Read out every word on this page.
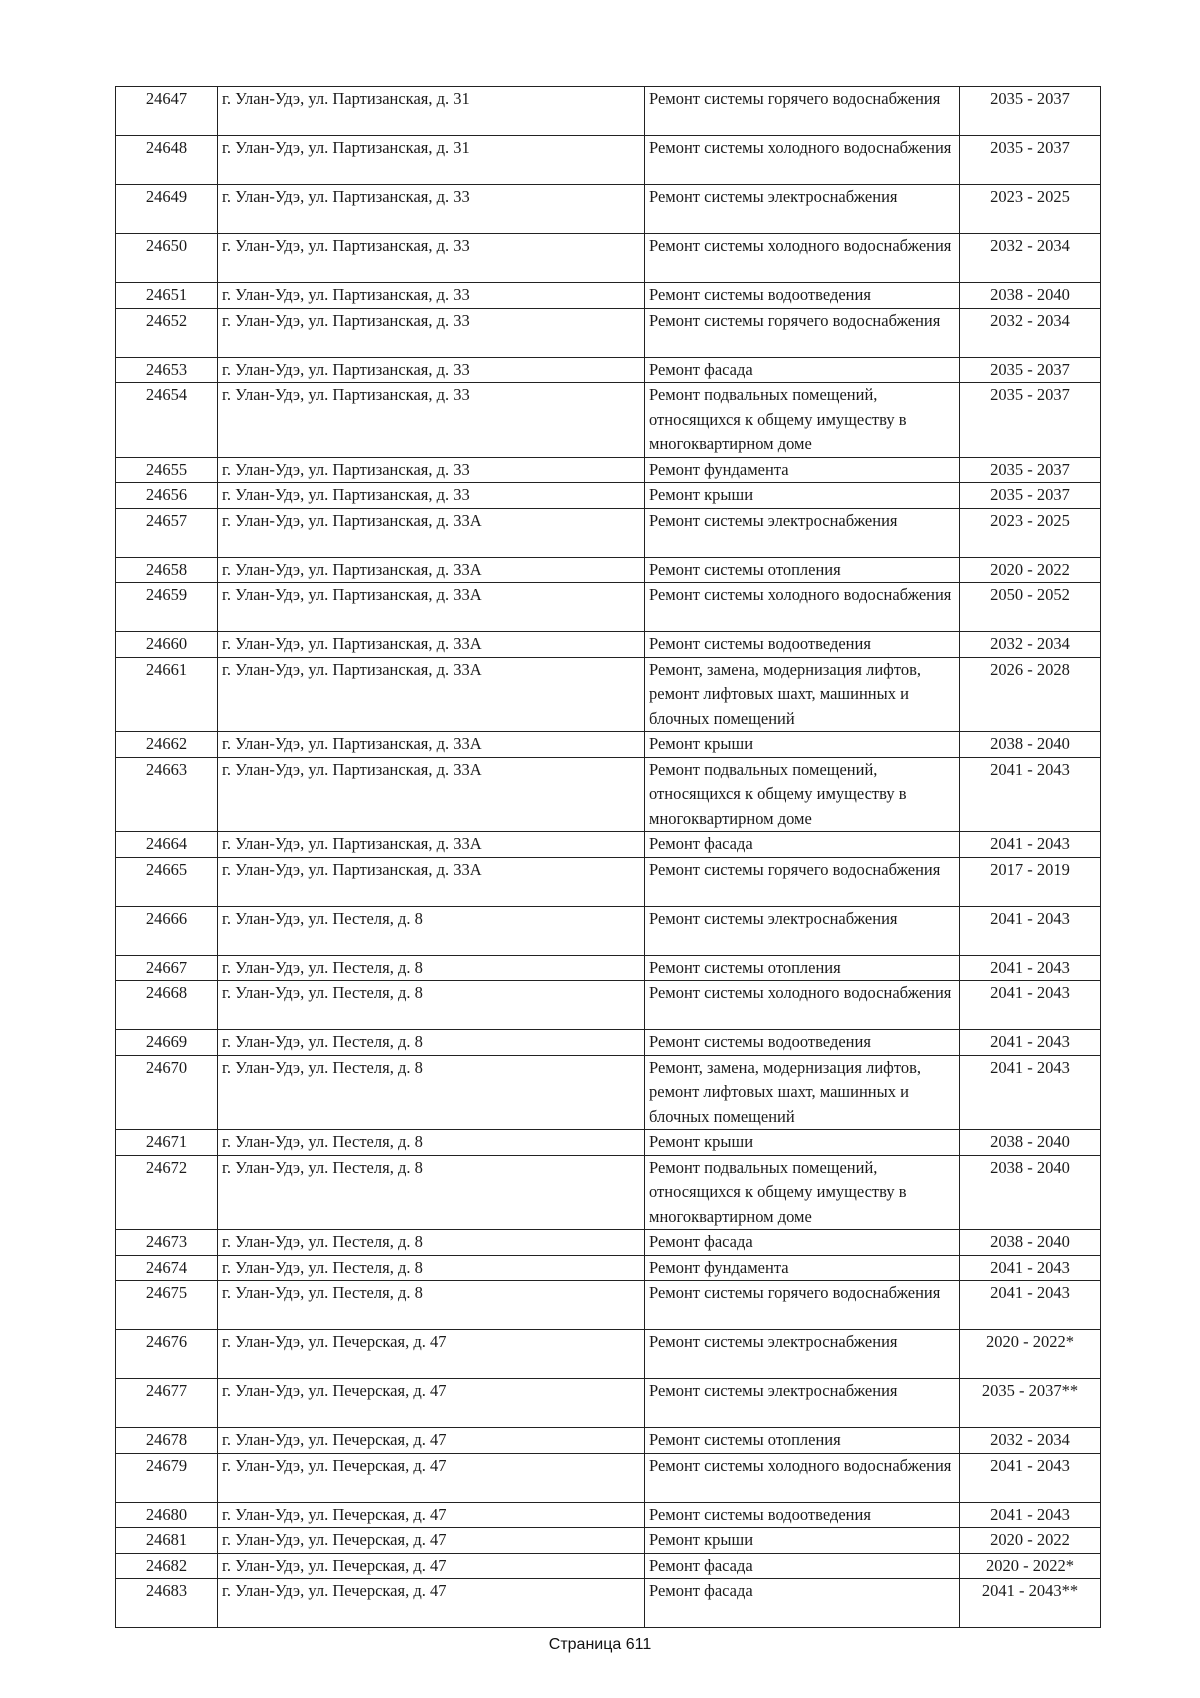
24647	г. Улан-Удэ, ул. Партизанская, д. 31	Ремонт системы горячего водоснабжения	2035 - 2037
24648	г. Улан-Удэ, ул. Партизанская, д. 31	Ремонт системы холодного водоснабжения	2035 - 2037
24649	г. Улан-Удэ, ул. Партизанская, д. 33	Ремонт системы электроснабжения	2023 - 2025
24650	г. Улан-Удэ, ул. Партизанская, д. 33	Ремонт системы холодного водоснабжения	2032 - 2034
24651	г. Улан-Удэ, ул. Партизанская, д. 33	Ремонт системы водоотведения	2038 - 2040
24652	г. Улан-Удэ, ул. Партизанская, д. 33	Ремонт системы горячего водоснабжения	2032 - 2034
24653	г. Улан-Удэ, ул. Партизанская, д. 33	Ремонт фасада	2035 - 2037
24654	г. Улан-Удэ, ул. Партизанская, д. 33	Ремонт подвальных помещений, относящихся к общему имуществу в многоквартирном доме	2035 - 2037
24655	г. Улан-Удэ, ул. Партизанская, д. 33	Ремонт фундамента	2035 - 2037
24656	г. Улан-Удэ, ул. Партизанская, д. 33	Ремонт крыши	2035 - 2037
24657	г. Улан-Удэ, ул. Партизанская, д. 33А	Ремонт системы электроснабжения	2023 - 2025
24658	г. Улан-Удэ, ул. Партизанская, д. 33А	Ремонт системы отопления	2020 - 2022
24659	г. Улан-Удэ, ул. Партизанская, д. 33А	Ремонт системы холодного водоснабжения	2050 - 2052
24660	г. Улан-Удэ, ул. Партизанская, д. 33А	Ремонт системы водоотведения	2032 - 2034
24661	г. Улан-Удэ, ул. Партизанская, д. 33А	Ремонт, замена, модернизация лифтов, ремонт лифтовых шахт, машинных и блочных помещений	2026 - 2028
24662	г. Улан-Удэ, ул. Партизанская, д. 33А	Ремонт крыши	2038 - 2040
24663	г. Улан-Удэ, ул. Партизанская, д. 33А	Ремонт подвальных помещений, относящихся к общему имуществу в многоквартирном доме	2041 - 2043
24664	г. Улан-Удэ, ул. Партизанская, д. 33А	Ремонт фасада	2041 - 2043
24665	г. Улан-Удэ, ул. Партизанская, д. 33А	Ремонт системы горячего водоснабжения	2017 - 2019
24666	г. Улан-Удэ, ул. Пестеля, д. 8	Ремонт системы электроснабжения	2041 - 2043
24667	г. Улан-Удэ, ул. Пестеля, д. 8	Ремонт системы отопления	2041 - 2043
24668	г. Улан-Удэ, ул. Пестеля, д. 8	Ремонт системы холодного водоснабжения	2041 - 2043
24669	г. Улан-Удэ, ул. Пестеля, д. 8	Ремонт системы водоотведения	2041 - 2043
24670	г. Улан-Удэ, ул. Пестеля, д. 8	Ремонт, замена, модернизация лифтов, ремонт лифтовых шахт, машинных и блочных помещений	2041 - 2043
24671	г. Улан-Удэ, ул. Пестеля, д. 8	Ремонт крыши	2038 - 2040
24672	г. Улан-Удэ, ул. Пестеля, д. 8	Ремонт подвальных помещений, относящихся к общему имуществу в многоквартирном доме	2038 - 2040
24673	г. Улан-Удэ, ул. Пестеля, д. 8	Ремонт фасада	2038 - 2040
24674	г. Улан-Удэ, ул. Пестеля, д. 8	Ремонт фундамента	2041 - 2043
24675	г. Улан-Удэ, ул. Пестеля, д. 8	Ремонт системы горячего водоснабжения	2041 - 2043
24676	г. Улан-Удэ, ул. Печерская, д. 47	Ремонт системы электроснабжения	2020 - 2022*
24677	г. Улан-Удэ, ул. Печерская, д. 47	Ремонт системы электроснабжения	2035 - 2037**
24678	г. Улан-Удэ, ул. Печерская, д. 47	Ремонт системы отопления	2032 - 2034
24679	г. Улан-Удэ, ул. Печерская, д. 47	Ремонт системы холодного водоснабжения	2041 - 2043
24680	г. Улан-Удэ, ул. Печерская, д. 47	Ремонт системы водоотведения	2041 - 2043
24681	г. Улан-Удэ, ул. Печерская, д. 47	Ремонт крыши	2020 - 2022
24682	г. Улан-Удэ, ул. Печерская, д. 47	Ремонт фасада	2020 - 2022*
24683	г. Улан-Удэ, ул. Печерская, д. 47	Ремонт фасада	2041 - 2043**
Страница 611
